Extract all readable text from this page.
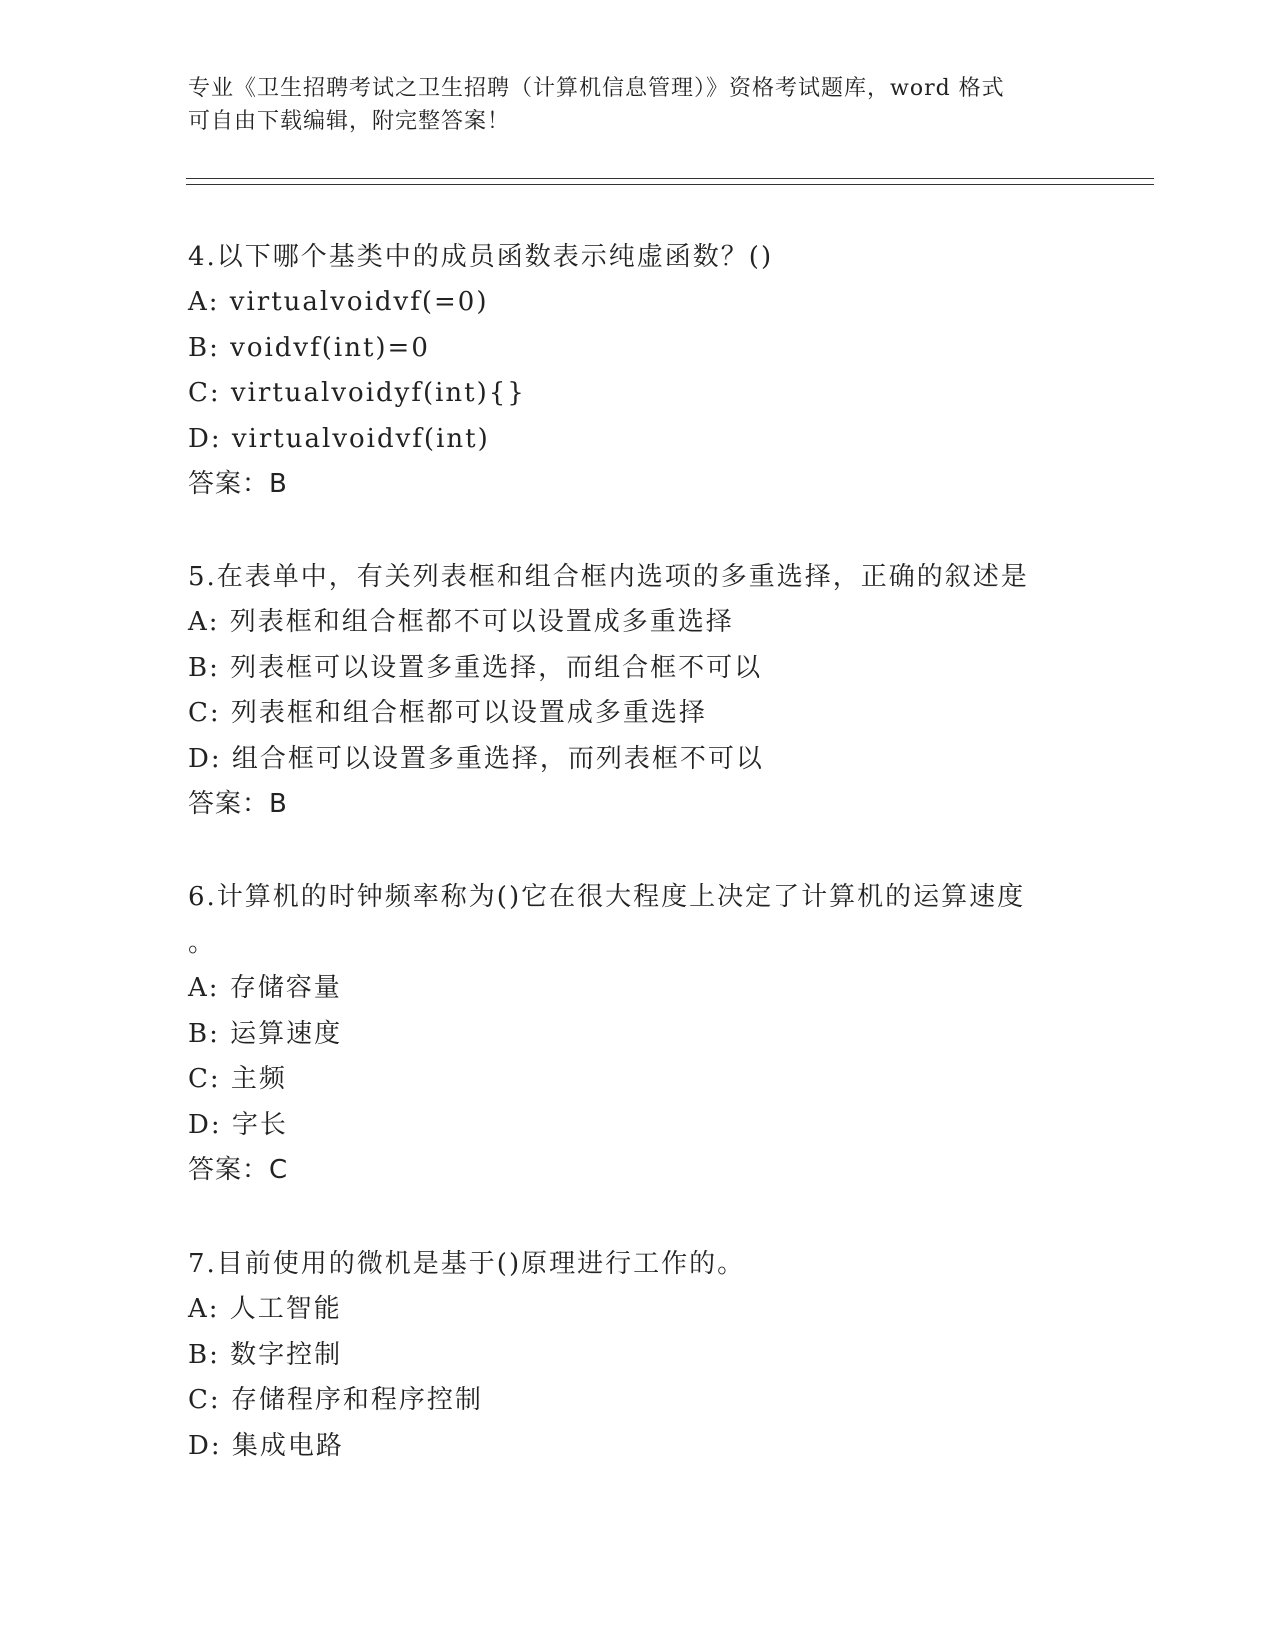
专业《卫生招聘考试之卫生招聘（计算机信息管理）》资格考试题库，word 格式
可自由下载编辑，附完整答案！

4.以下哪个基类中的成员函数表示纯虚函数？()

A: virtualvoidvf(=0)

B: voidvf(int)=0

C: virtualvoidyf(int){}

D: virtualvoidvf(int)

答案：B

5.在表单中，有关列表框和组合框内选项的多重选择，正确的叙述是

A: 列表框和组合框都不可以设置成多重选择

B: 列表框可以设置多重选择，而组合框不可以

C: 列表框和组合框都可以设置成多重选择

D: 组合框可以设置多重选择，而列表框不可以

答案：B

6.计算机的时钟频率称为()它在很大程度上决定了计算机的运算速度

。

A: 存储容量

B: 运算速度

C: 主频

D: 字长

答案：C

7.目前使用的微机是基于()原理进行工作的。

A: 人工智能

B: 数字控制

C: 存储程序和程序控制

D: 集成电路
